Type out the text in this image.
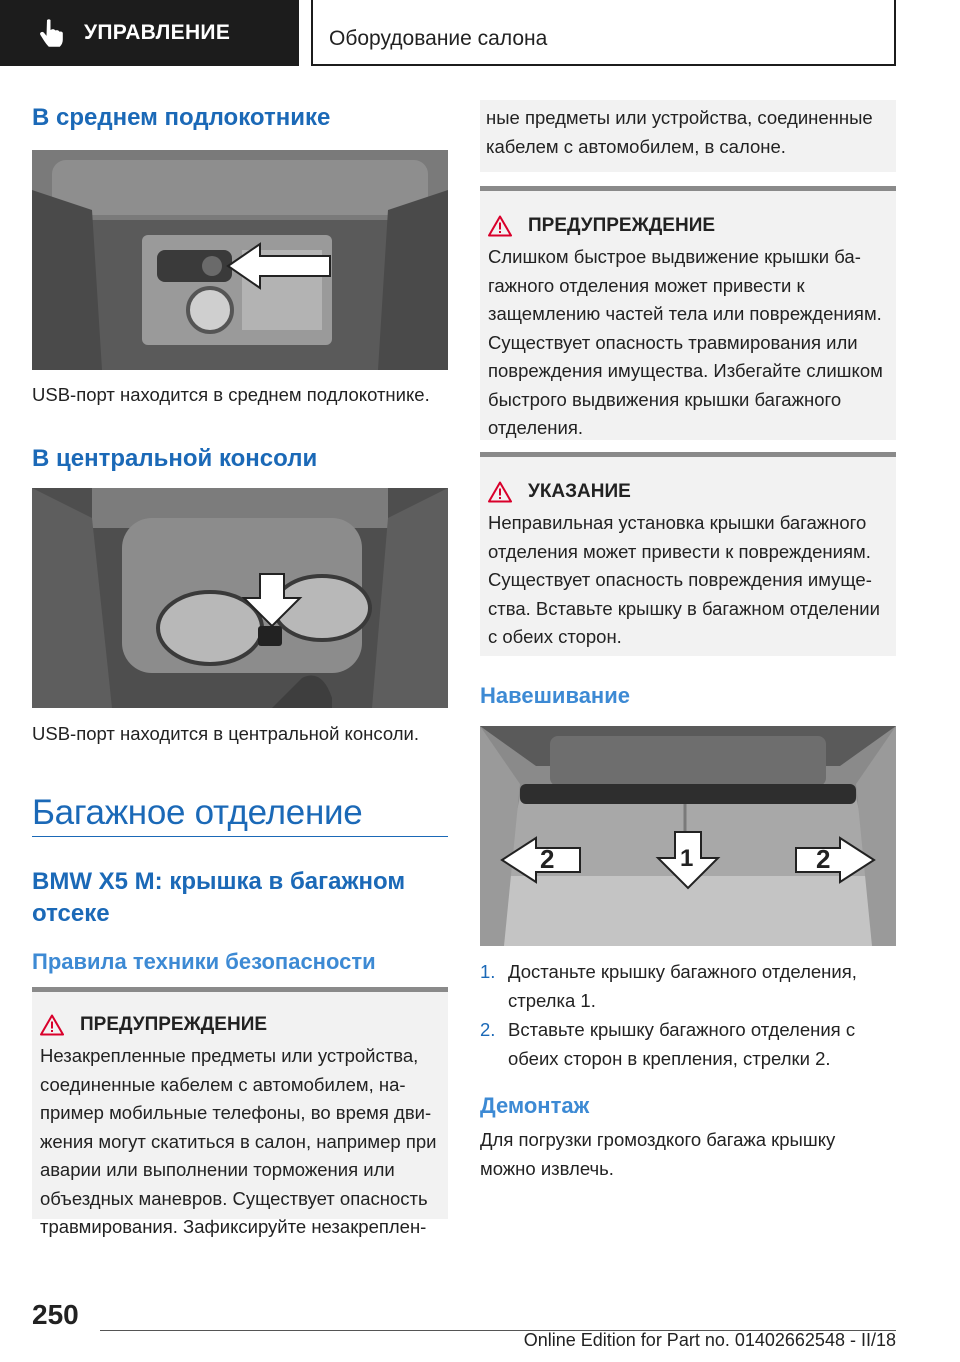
УПРАВЛЕНИЕ	Оборудование салона
В среднем подлокотнике
USB-порт находится в среднем подлокотнике.
В центральной консоли
USB-порт находится в центральной консоли.
Багажное отделение
BMW X5 M: крышка в багажном отсеке
Правила техники безопасности
ПРЕДУПРЕЖДЕНИЕ
Незакрепленные предметы или устройства, соединенные кабелем с автомобилем, например мобильные телефоны, во время движения могут скатиться в салон, например при аварии или выполнении торможения или объездных маневров. Существует опасность травмирования. Зафиксируйте незакреплен-
ные предметы или устройства, соединенные кабелем с автомобилем, в салоне.
ПРЕДУПРЕЖДЕНИЕ
Слишком быстрое выдвижение крышки багажного отделения может привести к защемлению частей тела или повреждениям. Существует опасность травмирования или повреждения имущества. Избегайте слишком быстрого выдвижения крышки багажного отделения.
УКАЗАНИЕ
Неправильная установка крышки багажного отделения может привести к повреждениям. Существует опасность повреждения имущества. Вставьте крышку в багажном отделении с обеих сторон.
Навешивание
2	1	2
1. Достаньте крышку багажного отделения, стрелка 1.
2. Вставьте крышку багажного отделения с обеих сторон в крепления, стрелки 2.
Демонтаж
Для погрузки громоздкого багажа крышку можно извлечь.
250
Online Edition for Part no. 01402662548 - II/18
